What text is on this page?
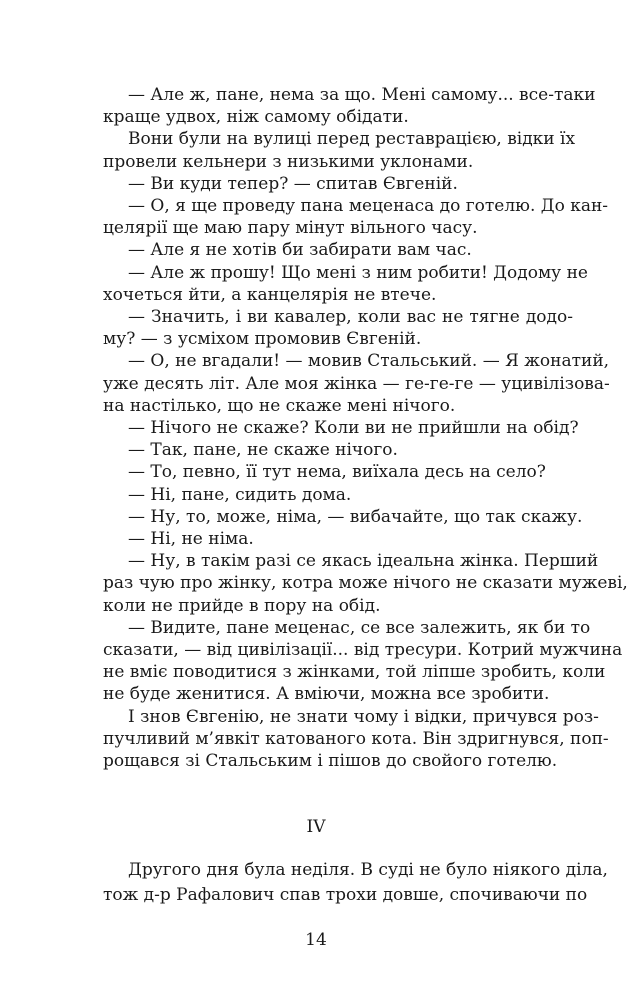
— Але ж, пане, нема за що. Мені самому... все-таки
краще удвох, ніж самому обідати.
Вони були на вулиці перед реставрацією, відки їх
провели кельнери з низькими уклонами.
— Ви куди тепер? — спитав Євгеній.
— О, я ще проведу пана меценаса до готелю. До кан-
целярії ще маю пару мінут вільного часу.
— Але я не хотів би забирати вам час.
— Але ж прошу! Що мені з ним робити! Додому не
хочеться йти, а канцелярія не втече.
— Значить, і ви кавалер, коли вас не тягне додо-
му? — з усміхом промовив Євгеній.
— О, не вгадали! — мовив Стальський. — Я жонатий,
уже десять літ. Але моя жінка — ге-ге-ге — уцивілізова-
на настілько, що не скаже мені нічого.
— Нічого не скаже? Коли ви не прийшли на обід?
— Так, пане, не скаже нічого.
— То, певно, її тут нема, виїхала десь на село?
— Ні, пане, сидить дома.
— Ну, то, може, німа, — вибачайте, що так скажу.
— Ні, не німа.
— Ну, в такім разі се якась ідеальна жінка. Перший
раз чую про жінку, котра може нічого не сказати мужеві,
коли не прийде в пору на обід.
— Видите, пане меценас, се все залежить, як би то
сказати, — від цивілізації... від тресури. Котрий мужчина
не вміє поводитися з жінками, той ліпше зробить, коли
не буде женитися. А вміючи, можна все зробити.
І знов Євгенію, не знати чому і відки, причувся роз-
пучливий м’явкіт катованого кота. Він здригнувся, поп-
рощався зі Стальським і пішов до свойого готелю.
IV
Другого дня була неділя. В суді не було ніякого діла,
тож д-р Рафалович спав трохи довше, спочиваючи по
14
